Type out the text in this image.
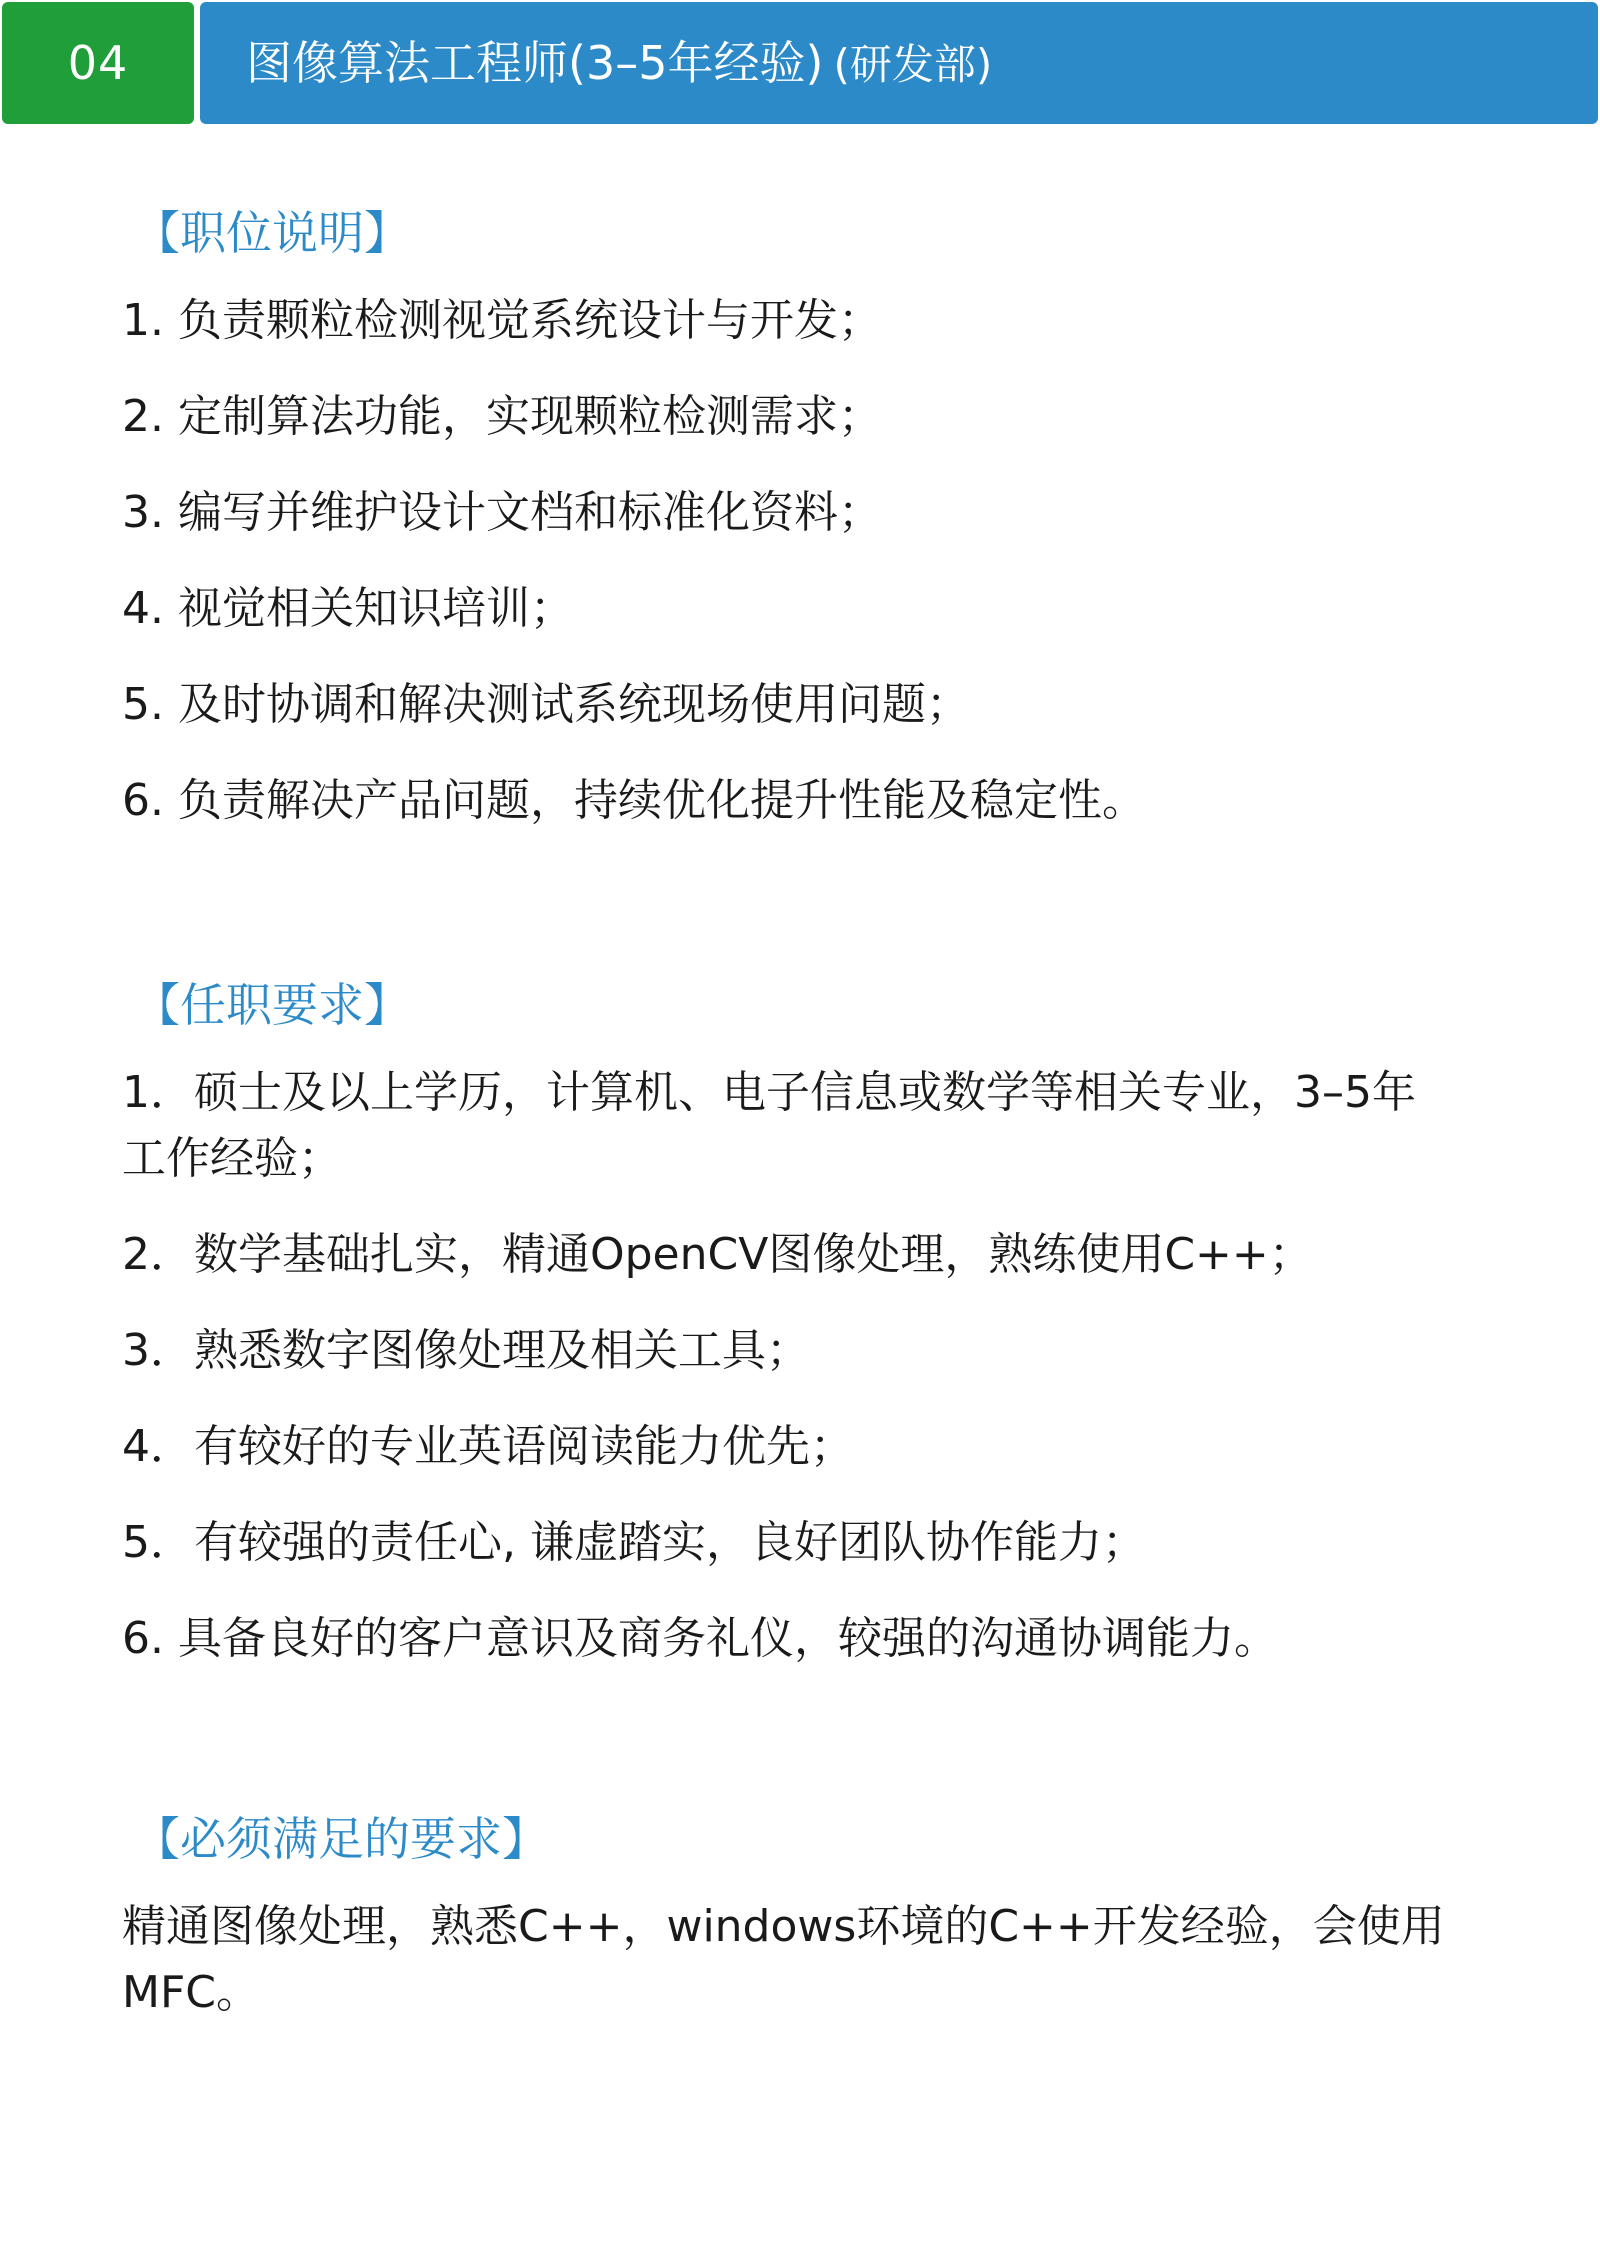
04	图像算法工程师(3–5年经验) (研发部)
【职位说明】
1. 负责颗粒检测视觉系统设计与开发；
2. 定制算法功能，实现颗粒检测需求；
3. 编写并维护设计文档和标准化资料；
4. 视觉相关知识培训；
5. 及时协调和解决测试系统现场使用问题；
6. 负责解决产品问题，持续优化提升性能及稳定性。
【任职要求】
1．硕士及以上学历，计算机、电子信息或数学等相关专业，3–5年工作经验；
2．数学基础扎实，精通OpenCV图像处理，熟练使用C++；
3．熟悉数字图像处理及相关工具；
4．有较好的专业英语阅读能力优先；
5．有较强的责任心, 谦虚踏实，良好团队协作能力；
6. 具备良好的客户意识及商务礼仪，较强的沟通协调能力。
【必须满足的要求】

精通图像处理，熟悉C++，windows环境的C++开发经验，会使用MFC。
